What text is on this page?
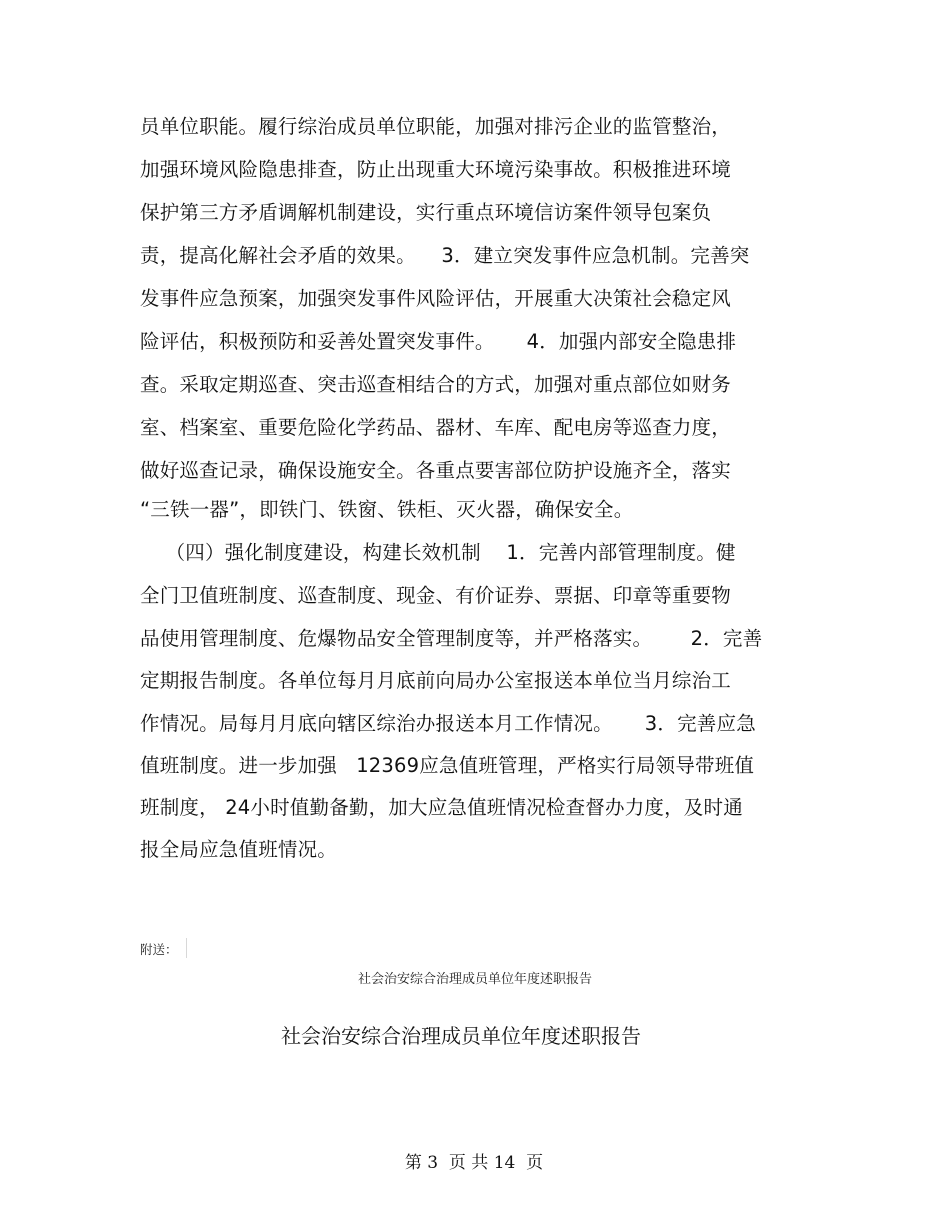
员单位职能。履行综治成员单位职能，加强对排污企业的监管整治，
加强环境风险隐患排查，防止出现重大环境污染事故。积极推进环境
保护第三方矛盾调解机制建设，实行重点环境信访案件领导包案负
责，提高化解社会矛盾的效果。    3．建立突发事件应急机制。完善突
发事件应急预案，加强突发事件风险评估，开展重大决策社会稳定风
险评估，积极预防和妥善处置突发事件。     4．加强内部安全隐患排
查。采取定期巡查、突击巡查相结合的方式，加强对重点部位如财务
室、档案室、重要危险化学药品、器材、车库、配电房等巡查力度，
做好巡查记录，确保设施安全。各重点要害部位防护设施齐全，落实
“三铁一器”，即铁门、铁窗、铁柜、灭火器，确保安全。
（四）强化制度建设，构建长效机制    1．完善内部管理制度。健
全门卫值班制度、巡查制度、现金、有价证券、票据、印章等重要物
品使用管理制度、危爆物品安全管理制度等，并严格落实。      2．完善
定期报告制度。各单位每月月底前向局办公室报送本单位当月综治工
作情况。局每月月底向辖区综治办报送本月工作情况。     3．完善应急
值班制度。进一步加强   12369应急值班管理，严格实行局领导带班值
班制度， 24小时值勤备勤，加大应急值班情况检查督办力度，及时通
报全局应急值班情况。
附送：
社会治安综合治理成员单位年度述职报告
社会治安综合治理成员单位年度述职报告
第 3  页 共 14  页
